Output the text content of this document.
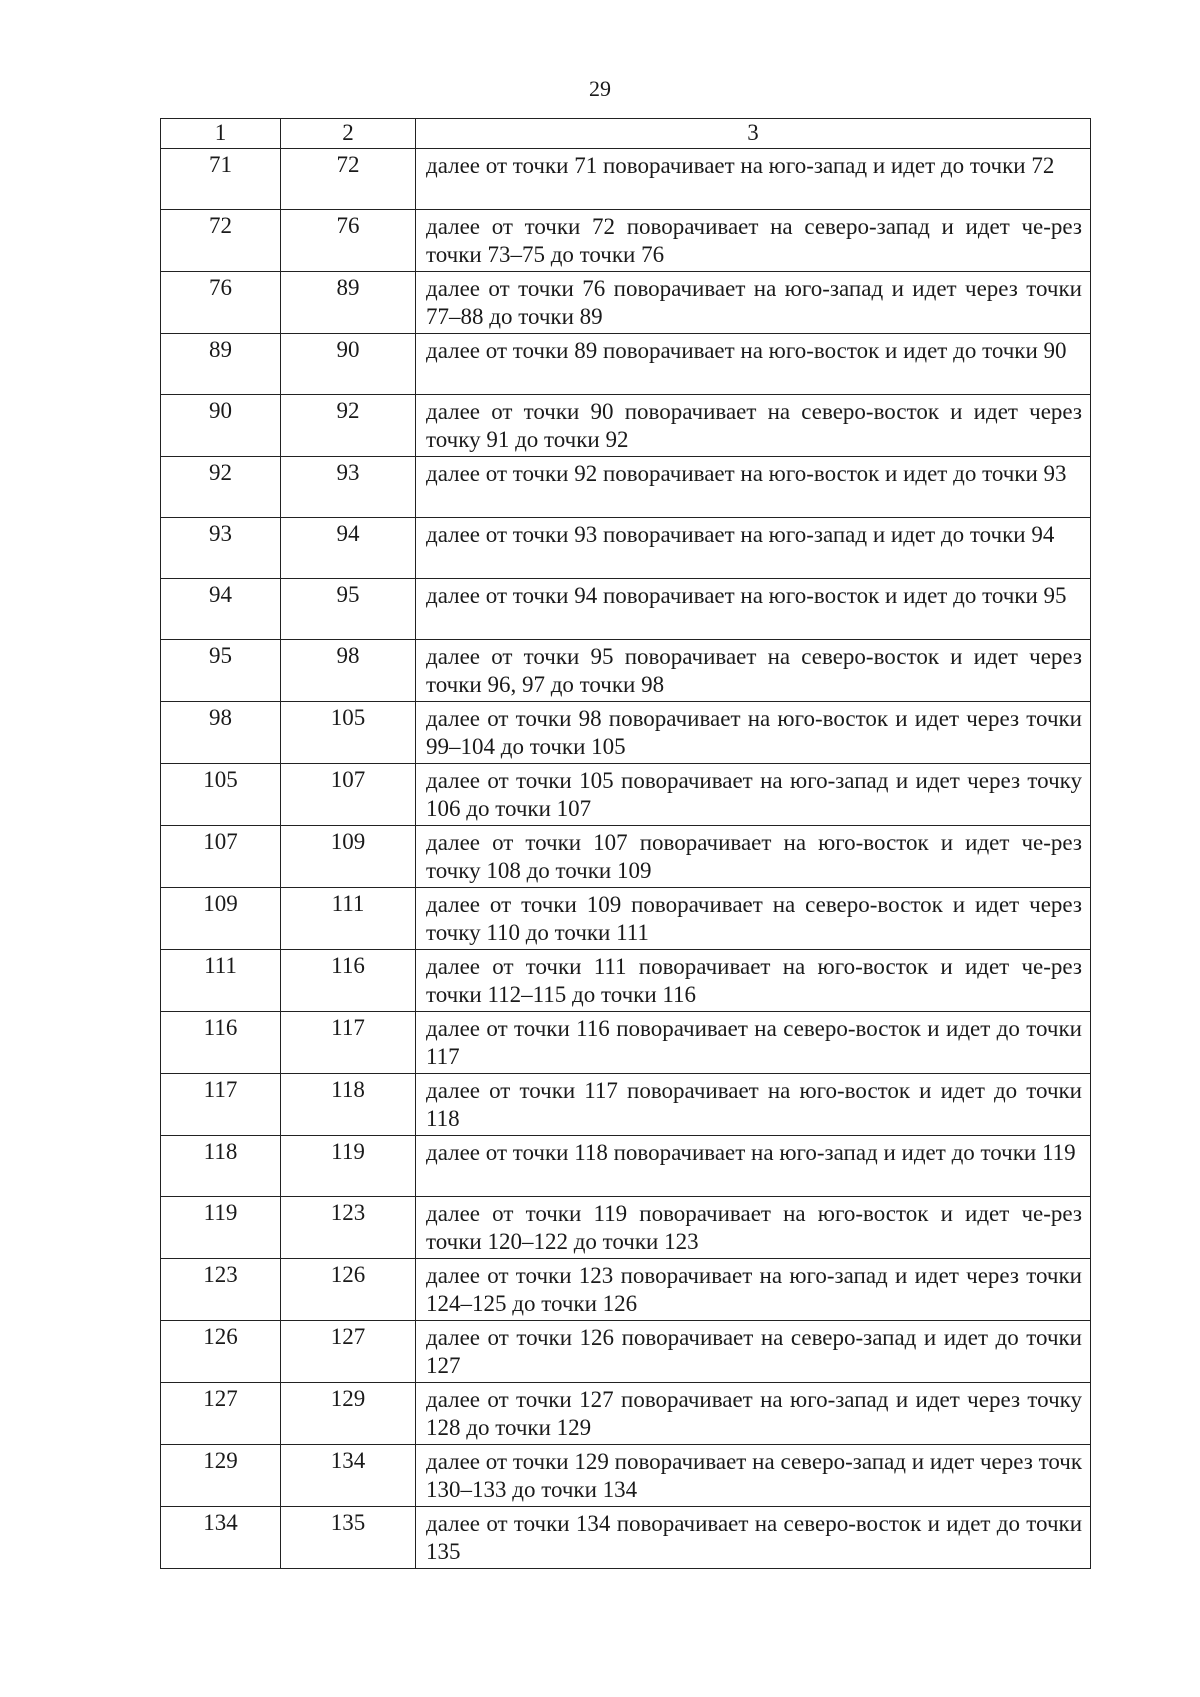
29
1	2	3
71	72	далее от точки 71 поворачивает на юго-запад и идет до точки 72
72	76	далее от точки 72 поворачивает на северо-запад и идет че-рез точки 73–75 до точки 76
76	89	далее от точки 76 поворачивает на юго-запад и идет через точки 77–88 до точки 89
89	90	далее от точки 89 поворачивает на юго-восток и идет до точки 90
90	92	далее от точки 90 поворачивает на северо-восток и идет через точку 91 до точки 92
92	93	далее от точки 92 поворачивает на юго-восток и идет до точки 93
93	94	далее от точки 93 поворачивает на юго-запад и идет до точки 94
94	95	далее от точки 94 поворачивает на юго-восток и идет до точки 95
95	98	далее от точки 95 поворачивает на северо-восток и идет через точки 96, 97 до точки 98
98	105	далее от точки 98 поворачивает на юго-восток и идет через точки 99–104 до точки 105
105	107	далее от точки 105 поворачивает на юго-запад и идет через точку 106 до точки 107
107	109	далее от точки 107 поворачивает на юго-восток и идет че-рез точку 108 до точки 109
109	111	далее от точки 109 поворачивает на северо-восток и идет через точку 110 до точки 111
111	116	далее от точки 111 поворачивает на юго-восток и идет че-рез точки 112–115 до точки 116
116	117	далее от точки 116 поворачивает на северо-восток и идет до точки 117
117	118	далее от точки 117 поворачивает на юго-восток и идет до точки 118
118	119	далее от точки 118 поворачивает на юго-запад и идет до точки 119
119	123	далее от точки 119 поворачивает на юго-восток и идет че-рез точки 120–122 до точки 123
123	126	далее от точки 123 поворачивает на юго-запад и идет через точки 124–125 до точки 126
126	127	далее от точки 126 поворачивает на северо-запад и идет до точки 127
127	129	далее от точки 127 поворачивает на юго-запад и идет через точку 128 до точки 129
129	134	далее от точки 129 поворачивает на северо-запад и идет через точк 130–133 до точки 134
134	135	далее от точки 134 поворачивает на северо-восток и идет до точки 135
